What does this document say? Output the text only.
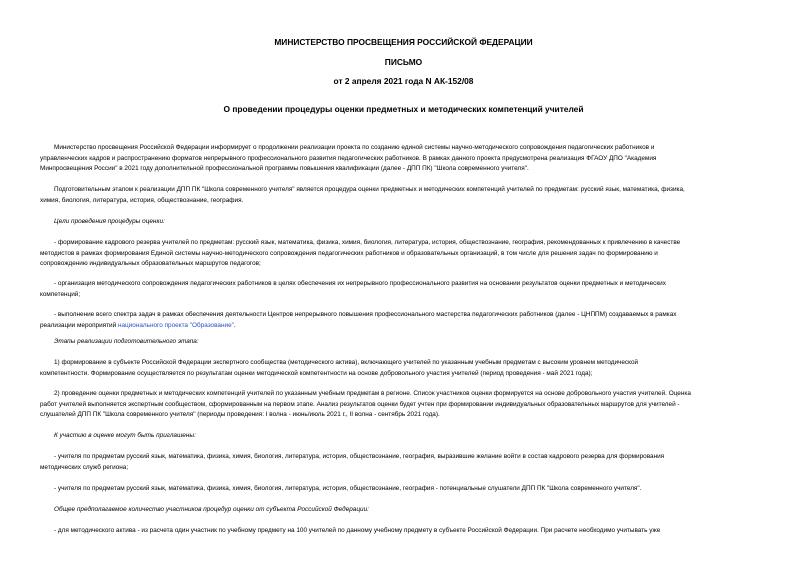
МИНИСТЕРСТВО ПРОСВЕЩЕНИЯ РОССИЙСКОЙ ФЕДЕРАЦИИ
ПИСЬМО
от 2 апреля 2021 года N АК-152/08
О проведении процедуры оценки предметных и методических компетенций учителей
Министерство просвещения Российской Федерации информирует о продолжении реализации проекта по созданию единой системы научно-методического сопровождения педагогических работников и
управленческих кадров и распространению форматов непрерывного профессионального развития педагогических работников. В рамках данного проекта предусмотрена реализация ФГАОУ ДПО "Академия
Минпросвещения России" в 2021 году дополнительной профессиональной программы повышения квалификации (далее - ДПП ПК) "Школа современного учителя".
Подготовительным этапом к реализации ДПП ПК "Школа современного учителя" является процедура оценки предметных и методических компетенций учителей по предметам: русский язык, математика, физика,
химия, биология, литература, история, обществознание, география.
Цели проведения процедуры оценки:
- формирование кадрового резерва учителей по предметам: русский язык, математика, физика, химия, биология, литература, история, обществознание, география, рекомендованных к привлечению в качестве
методистов в рамках формирования Единой системы научно-методического сопровождения педагогических работников и образовательных организаций, в том числе для решения задач по формированию и
сопровождению индивидуальных образовательных маршрутов педагогов;
- организация методического сопровождения педагогических работников в целях обеспечения их непрерывного профессионального развития на основании результатов оценки предметных и методических
компетенций;
- выполнение всего спектра задач в рамках обеспечения деятельности Центров непрерывного повышения профессионального мастерства педагогических работников (далее - ЦНППМ) создаваемых в рамках
реализации мероприятий национального проекта "Образование".
Этапы реализации подготовительного этапа:
1) формирование в субъекте Российской Федерации экспертного сообщества (методического актива), включающего учителей по указанным учебным предметам с высоким уровнем методической
компетентности. Формирование осуществляется по результатам оценки методической компетентности на основе добровольного участия учителей (период проведения - май 2021 года);
2) проведение оценки предметных и методических компетенций учителей по указанным учебным предметам в регионе. Список участников оценки формируется на основе добровольного участия учителей. Оценка
работ учителей выполняется экспертным сообществом, сформированным на первом этапе. Анализ результатов оценки будет учтен при формировании индивидуальных образовательных маршрутов для учителей -
слушателей ДПП ПК "Школа современного учителя" (периоды проведения: I волна - июнь/июль 2021 г., II волна - сентябрь 2021 года).
К участию в оценке могут быть приглашены:
- учителя по предметам русский язык, математика, физика, химия, биология, литература, история, обществознание, география, выразившие желание войти в состав кадрового резерва для формирования
методических служб региона;
- учителя по предметам русский язык, математика, физика, химия, биология, литература, история, обществознание, география - потенциальные слушатели ДПП ПК "Школа современного учителя".
Общее предполагаемое количество участников процедур оценки от субъекта Российской Федерации:
- для методического актива - из расчета один участник по учебному предмету на 100 учителей по данному учебному предмету в субъекте Российской Федерации. При расчете необходимо учитывать уже
